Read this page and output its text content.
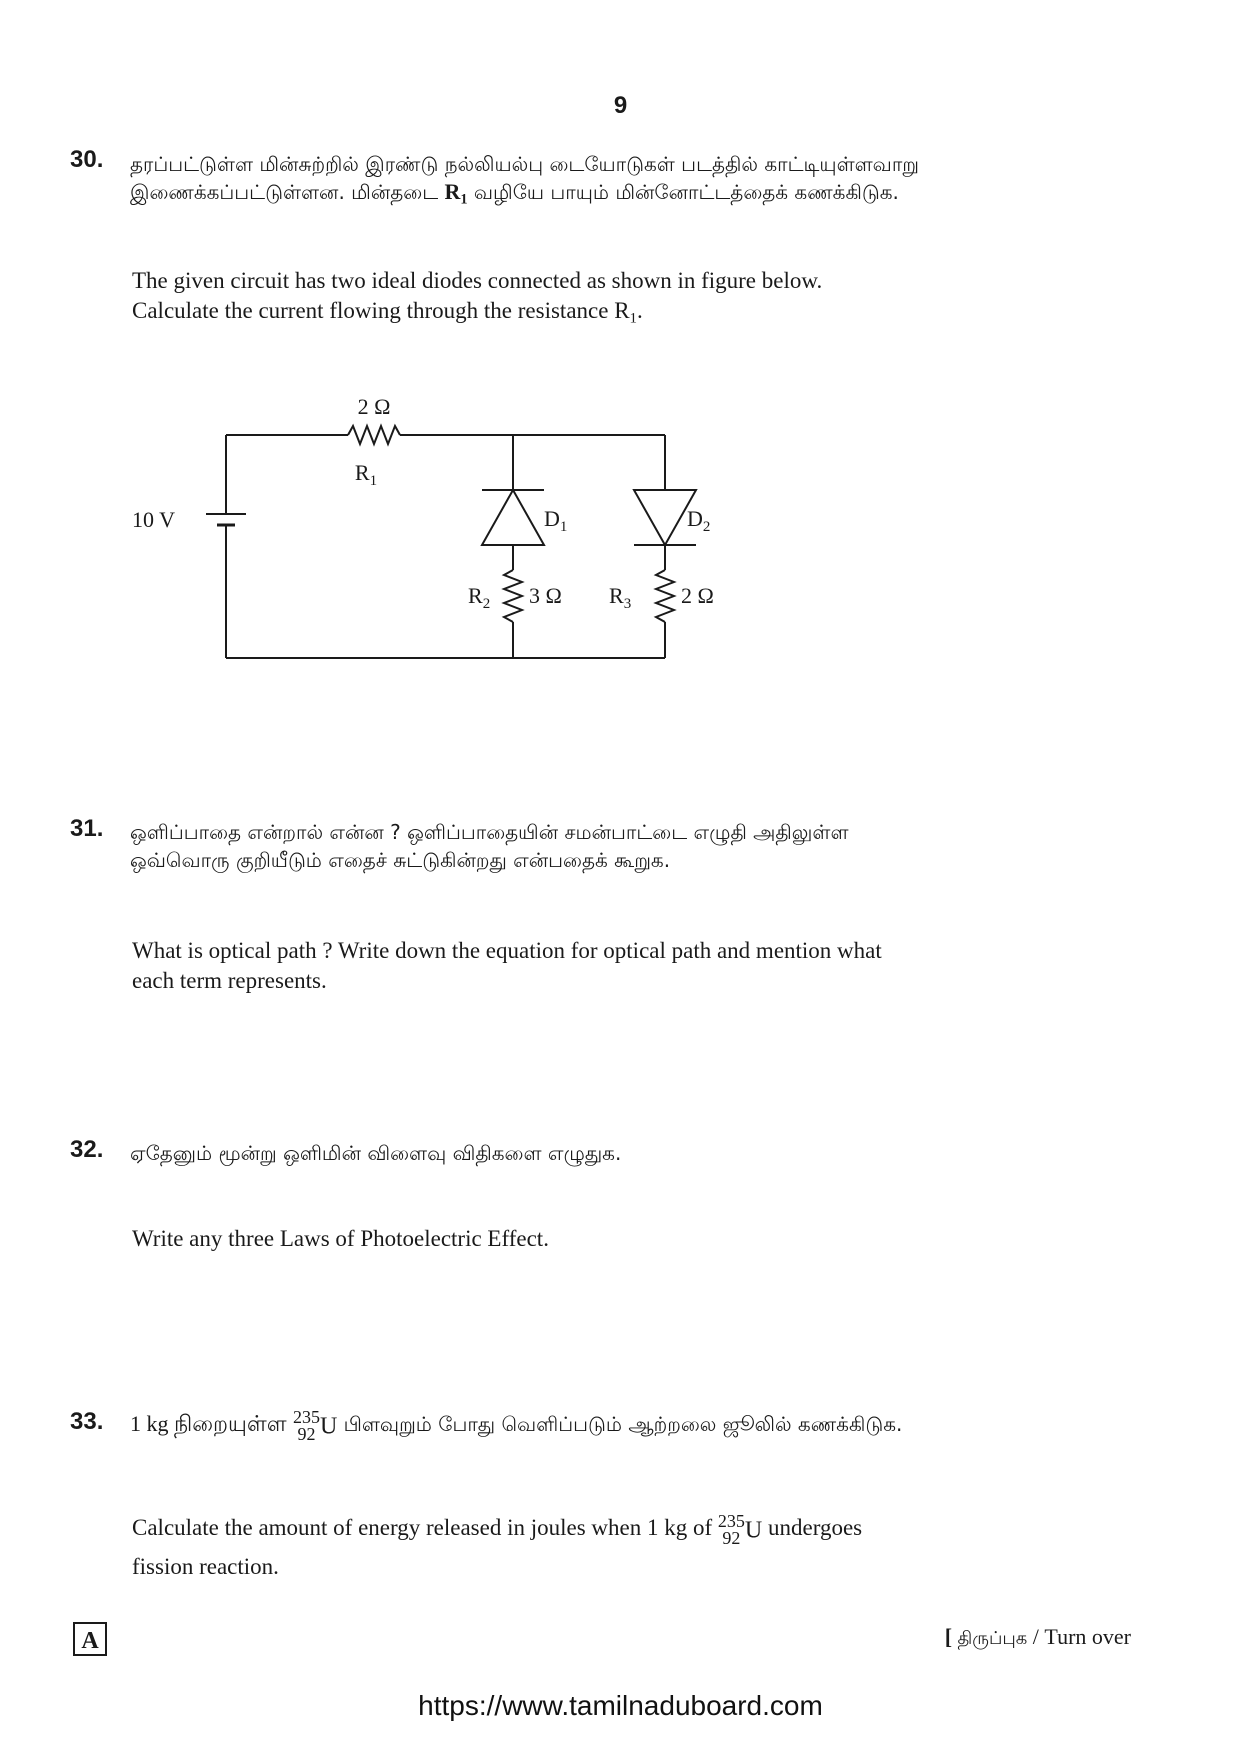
9
30. தரப்பட்டுள்ள மின்சுற்றில் இரண்டு நல்லியல்பு டையோடுகள் படத்தில் காட்டியுள்ளவாறு
இணைக்கப்பட்டுள்ளன. மின்தடை $R_1$ வழியே பாயும் மின்னோட்டத்தைக் கணக்கிடுக.
The given circuit has two ideal diodes connected as shown in figure below.
Calculate the current flowing through the resistance $R_1$.
2 Ω
$R_1$
10 V	$D_1$	$D_2$
$R_2$ 3 Ω $R_3$ 2 Ω
31. ஒளிப்பாதை என்றால் என்ன ? ஒளிப்பாதையின் சமன்பாட்டை எழுதி அதிலுள்ள
ஒவ்வொரு குறியீடும் எதைச் சுட்டுகின்றது என்பதைக் கூறுக.
What is optical path ? Write down the equation for optical path and mention what
each term represents.
32. ஏதேனும் மூன்று ஒளிமின் விளைவு விதிகளை எழுதுக.
Write any three Laws of Photoelectric Effect.
33. 1 kg நிறையுள்ள 235
92 U பிளவுறும் போது வெளிப்படும் ஆற்றலை ஜூலில் கணக்கிடுக.
Calculate the amount of energy released in joules when 1 kg of 235
92 U undergoes
fission reaction.
A	[ திருப்புக / Turn over
https://www.tamilnaduboard.com
